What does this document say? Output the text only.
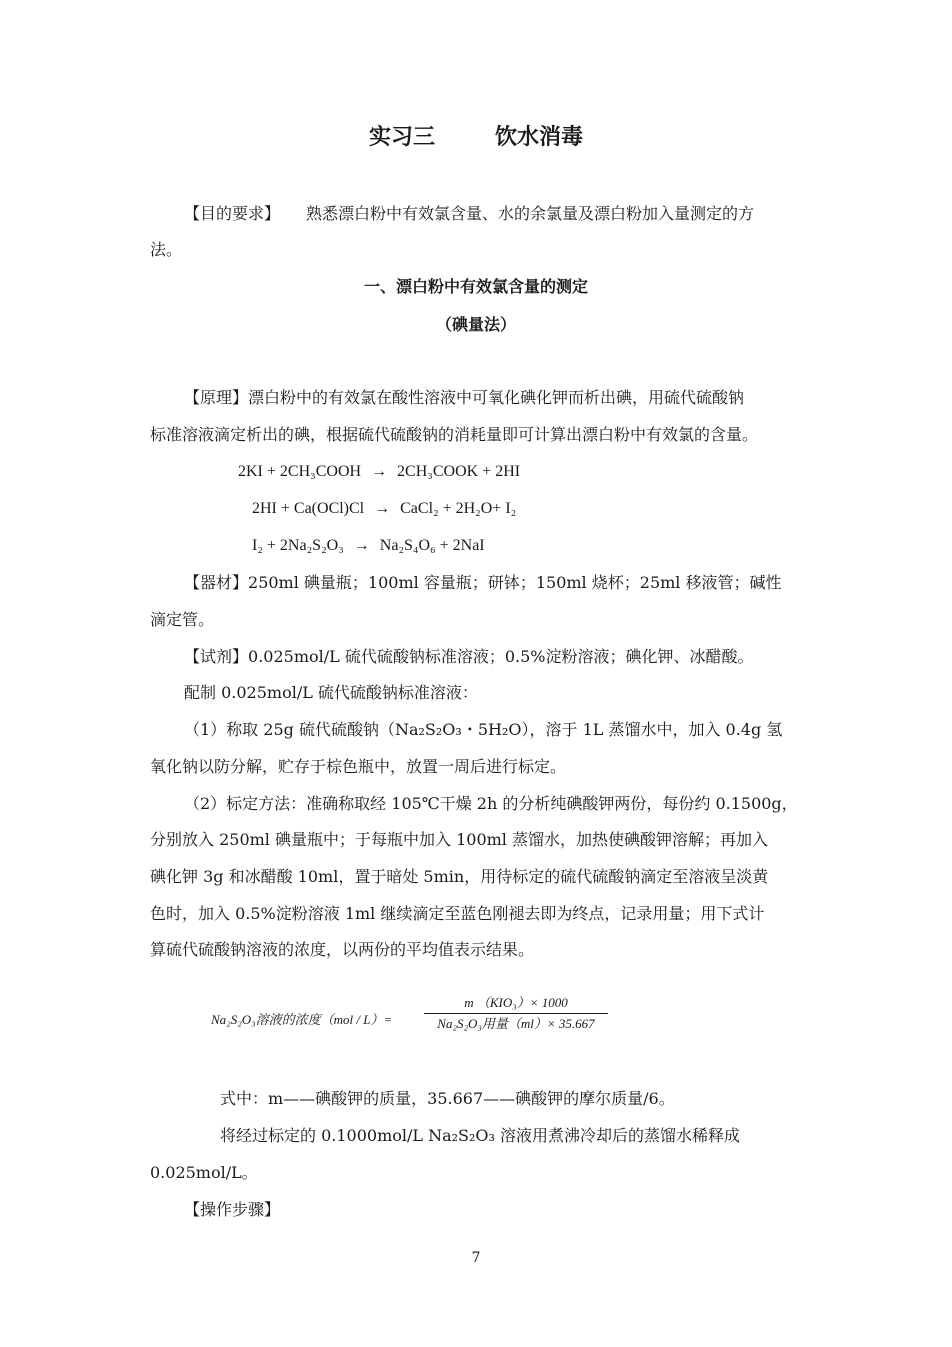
实习三	饮水消毒
【目的要求】 熟悉漂白粉中有效氯含量、水的余氯量及漂白粉加入量测定的方
法。
一、漂白粉中有效氯含量的测定
（碘量法）
【原理】漂白粉中的有效氯在酸性溶液中可氧化碘化钾而析出碘，用硫代硫酸钠
标准溶液滴定析出的碘，根据硫代硫酸钠的消耗量即可计算出漂白粉中有效氯的含量。
2KI + 2CH₃COOH → 2CH₃COOK + 2HI
2HI + Ca(OCl)Cl → CaCl₂ + 2H₂O+ I₂
I₂ + 2Na₂S₂O₃ → Na₂S₄O₆ + 2NaI
【器材】250ml 碘量瓶；100ml 容量瓶；研钵；150ml 烧杯；25ml 移液管；碱性
滴定管。
【试剂】0.025mol/L 硫代硫酸钠标准溶液；0.5%淀粉溶液；碘化钾、冰醋酸。
配制 0.025mol/L 硫代硫酸钠标准溶液：
（1）称取 25g 硫代硫酸钠（Na₂S₂O₃・5H₂O），溶于 1L 蒸馏水中，加入 0.4g 氢
氧化钠以防分解，贮存于棕色瓶中，放置一周后进行标定。
（2）标定方法：准确称取经 105℃干燥 2h 的分析纯碘酸钾两份，每份约 0.1500g，
分别放入 250ml 碘量瓶中；于每瓶中加入 100ml 蒸馏水，加热使碘酸钾溶解；再加入
碘化钾 3g 和冰醋酸 10ml，置于暗处 5min，用待标定的硫代硫酸钠滴定至溶液呈淡黄
色时，加入 0.5%淀粉溶液 1ml 继续滴定至蓝色刚褪去即为终点，记录用量；用下式计
算硫代硫酸钠溶液的浓度，以两份的平均值表示结果。
Na₂S₂O₃溶液的浓度（mol / L）=
m （KIO₃）× 1000
Na₂S₂O₃用量（ml）× 35.667
式中：m——碘酸钾的质量，35.667——碘酸钾的摩尔质量/6。
将经过标定的 0.1000mol/L Na₂S₂O₃ 溶液用煮沸冷却后的蒸馏水稀释成
0.025mol/L。
【操作步骤】
7
